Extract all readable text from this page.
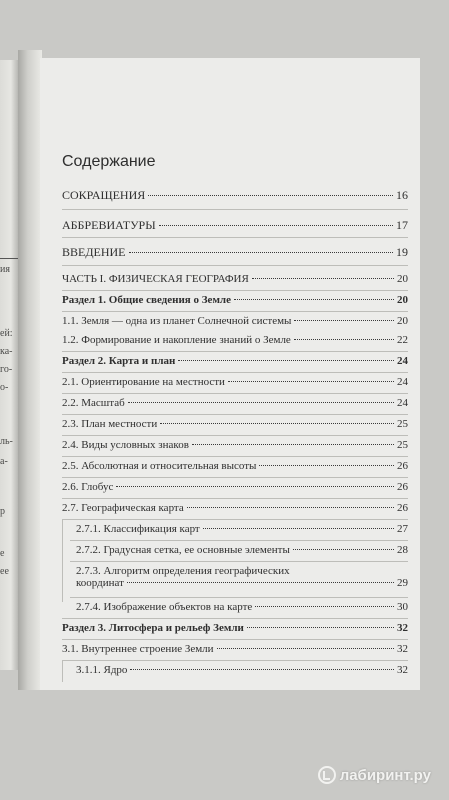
ия
ей:
ка-
го-
о-
ль-
а-
р
е
ее
Содержание
СОКРАЩЕНИЯ	16
АББРЕВИАТУРЫ	17
ВВЕДЕНИЕ	19
ЧАСТЬ I. ФИЗИЧЕСКАЯ ГЕОГРАФИЯ	20
Раздел 1. Общие сведения о Земле	20
1.1. Земля — одна из планет Солнечной системы	20
1.2. Формирование и накопление знаний о Земле	22
Раздел 2. Карта и план	24
2.1. Ориентирование на местности	24
2.2. Масштаб	24
2.3. План местности	25
2.4. Виды условных знаков	25
2.5. Абсолютная и относительная высоты	26
2.6. Глобус	26
2.7. Географическая карта	26
2.7.1. Классификация карт	27
2.7.2. Градусная сетка, ее основные элементы	28
2.7.3. Алгоритм определения географических
координат	29
2.7.4. Изображение объектов на карте	30
Раздел 3. Литосфера и рельеф Земли	32
3.1. Внутреннее строение Земли	32
3.1.1. Ядро	32
лабиринт.ру
